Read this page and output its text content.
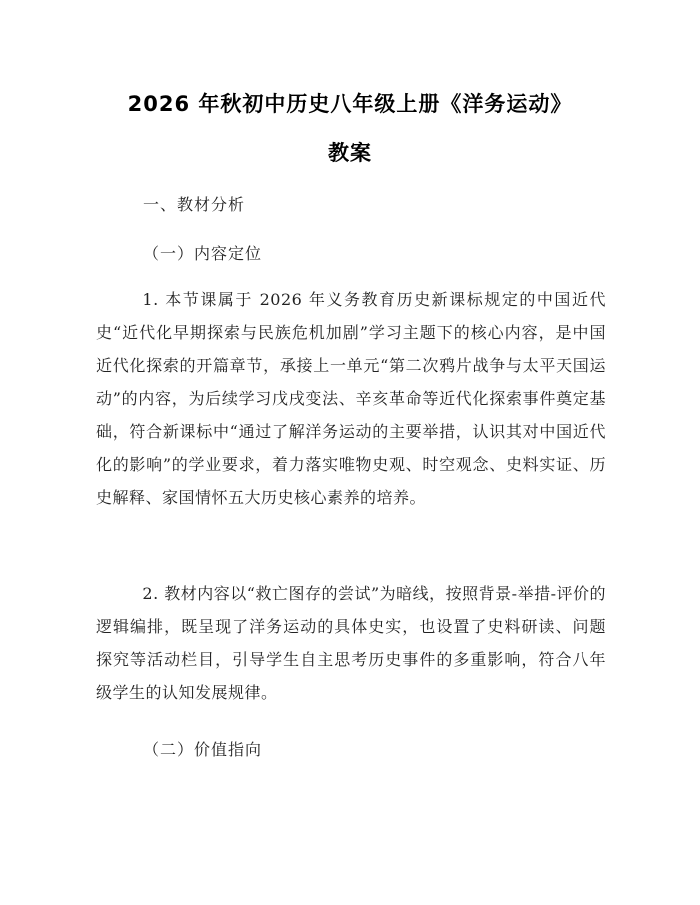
2026 年秋初中历史八年级上册《洋务运动》
教案
一、教材分析
（一）内容定位
1. 本节课属于 2026 年义务教育历史新课标规定的中国近代史“近代化早期探索与民族危机加剧”学习主题下的核心内容，是中国近代化探索的开篇章节，承接上一单元“第二次鸦片战争与太平天国运动”的内容，为后续学习戊戌变法、辛亥革命等近代化探索事件奠定基础，符合新课标中“通过了解洋务运动的主要举措，认识其对中国近代化的影响”的学业要求，着力落实唯物史观、时空观念、史料实证、历史解释、家国情怀五大历史核心素养的培养。
2. 教材内容以“救亡图存的尝试”为暗线，按照背景-举措-评价的逻辑编排，既呈现了洋务运动的具体史实，也设置了史料研读、问题探究等活动栏目，引导学生自主思考历史事件的多重影响，符合八年级学生的认知发展规律。
（二）价值指向
